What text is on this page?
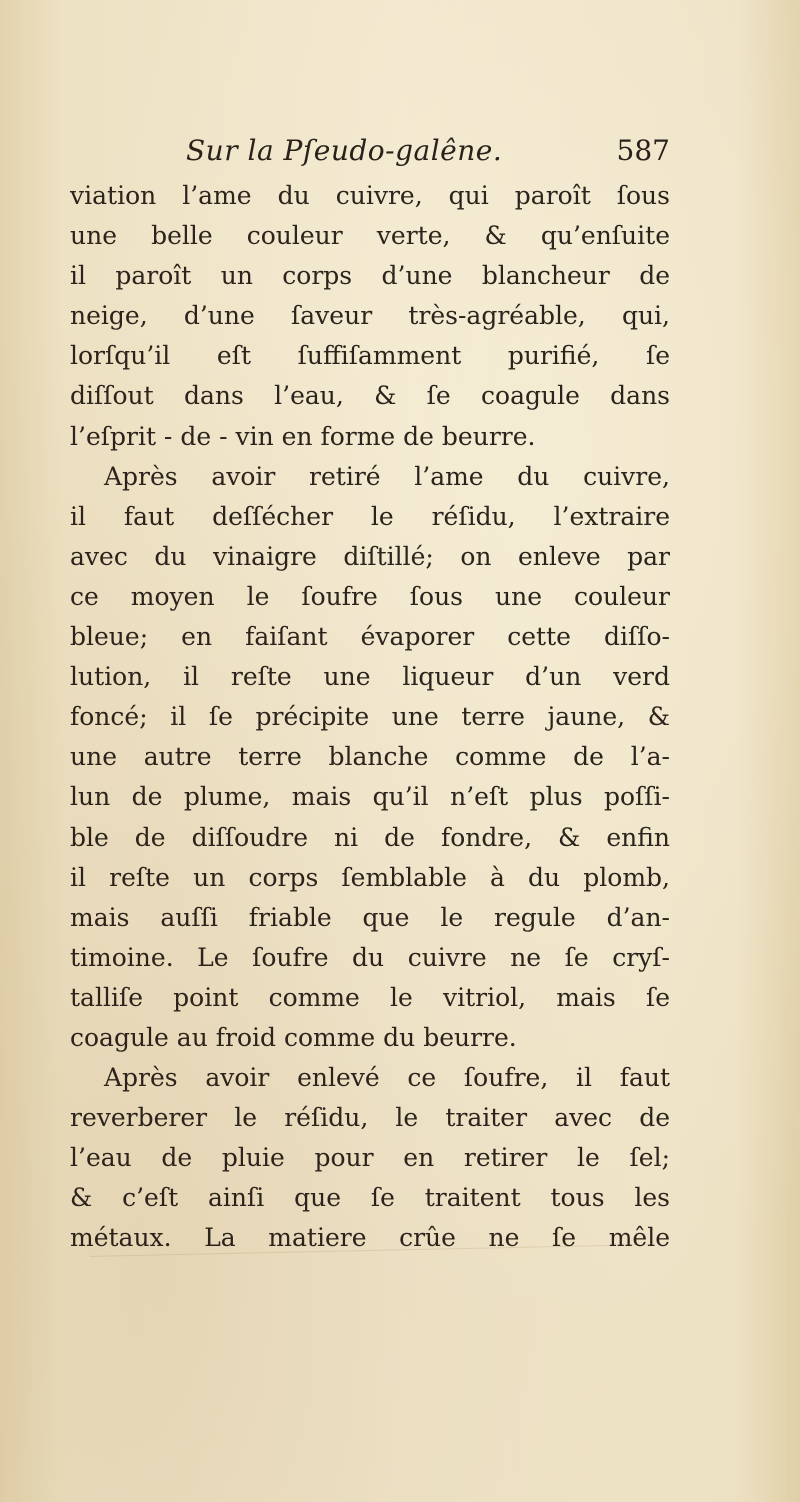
Sur la Pſeudo-galêne.	587
viation l’ame du cuivre, qui paroît ſous
une belle couleur verte, & qu’enſuite
il paroît un corps d’une blancheur de
neige, d’une ſaveur très-agréable, qui,
lorſqu’il eſt ſuffiſamment purifié, ſe
diſſout dans l’eau, & ſe coagule dans
l’eſprit - de - vin en forme de beurre.
Après avoir retiré l’ame du cuivre,
il faut deſſécher le réſidu, l’extraire
avec du vinaigre diſtillé; on enleve par
ce moyen le ſoufre ſous une couleur
bleue; en faiſant évaporer cette diſſo-
lution, il reſte une liqueur d’un verd
foncé; il ſe précipite une terre jaune, &
une autre terre blanche comme de l’a-
lun de plume, mais qu’il n’eſt plus poſſi-
ble de diſſoudre ni de fondre, & enfin
il reſte un corps ſemblable à du plomb,
mais auſſi friable que le regule d’an-
timoine. Le ſoufre du cuivre ne ſe cryſ-
talliſe point comme le vitriol, mais ſe
coagule au froid comme du beurre.
Après avoir enlevé ce ſoufre, il faut
reverberer le réſidu, le traiter avec de
l’eau de pluie pour en retirer le ſel;
& c’eſt ainſi que ſe traitent tous les
métaux. La matiere crûe ne ſe mêle
